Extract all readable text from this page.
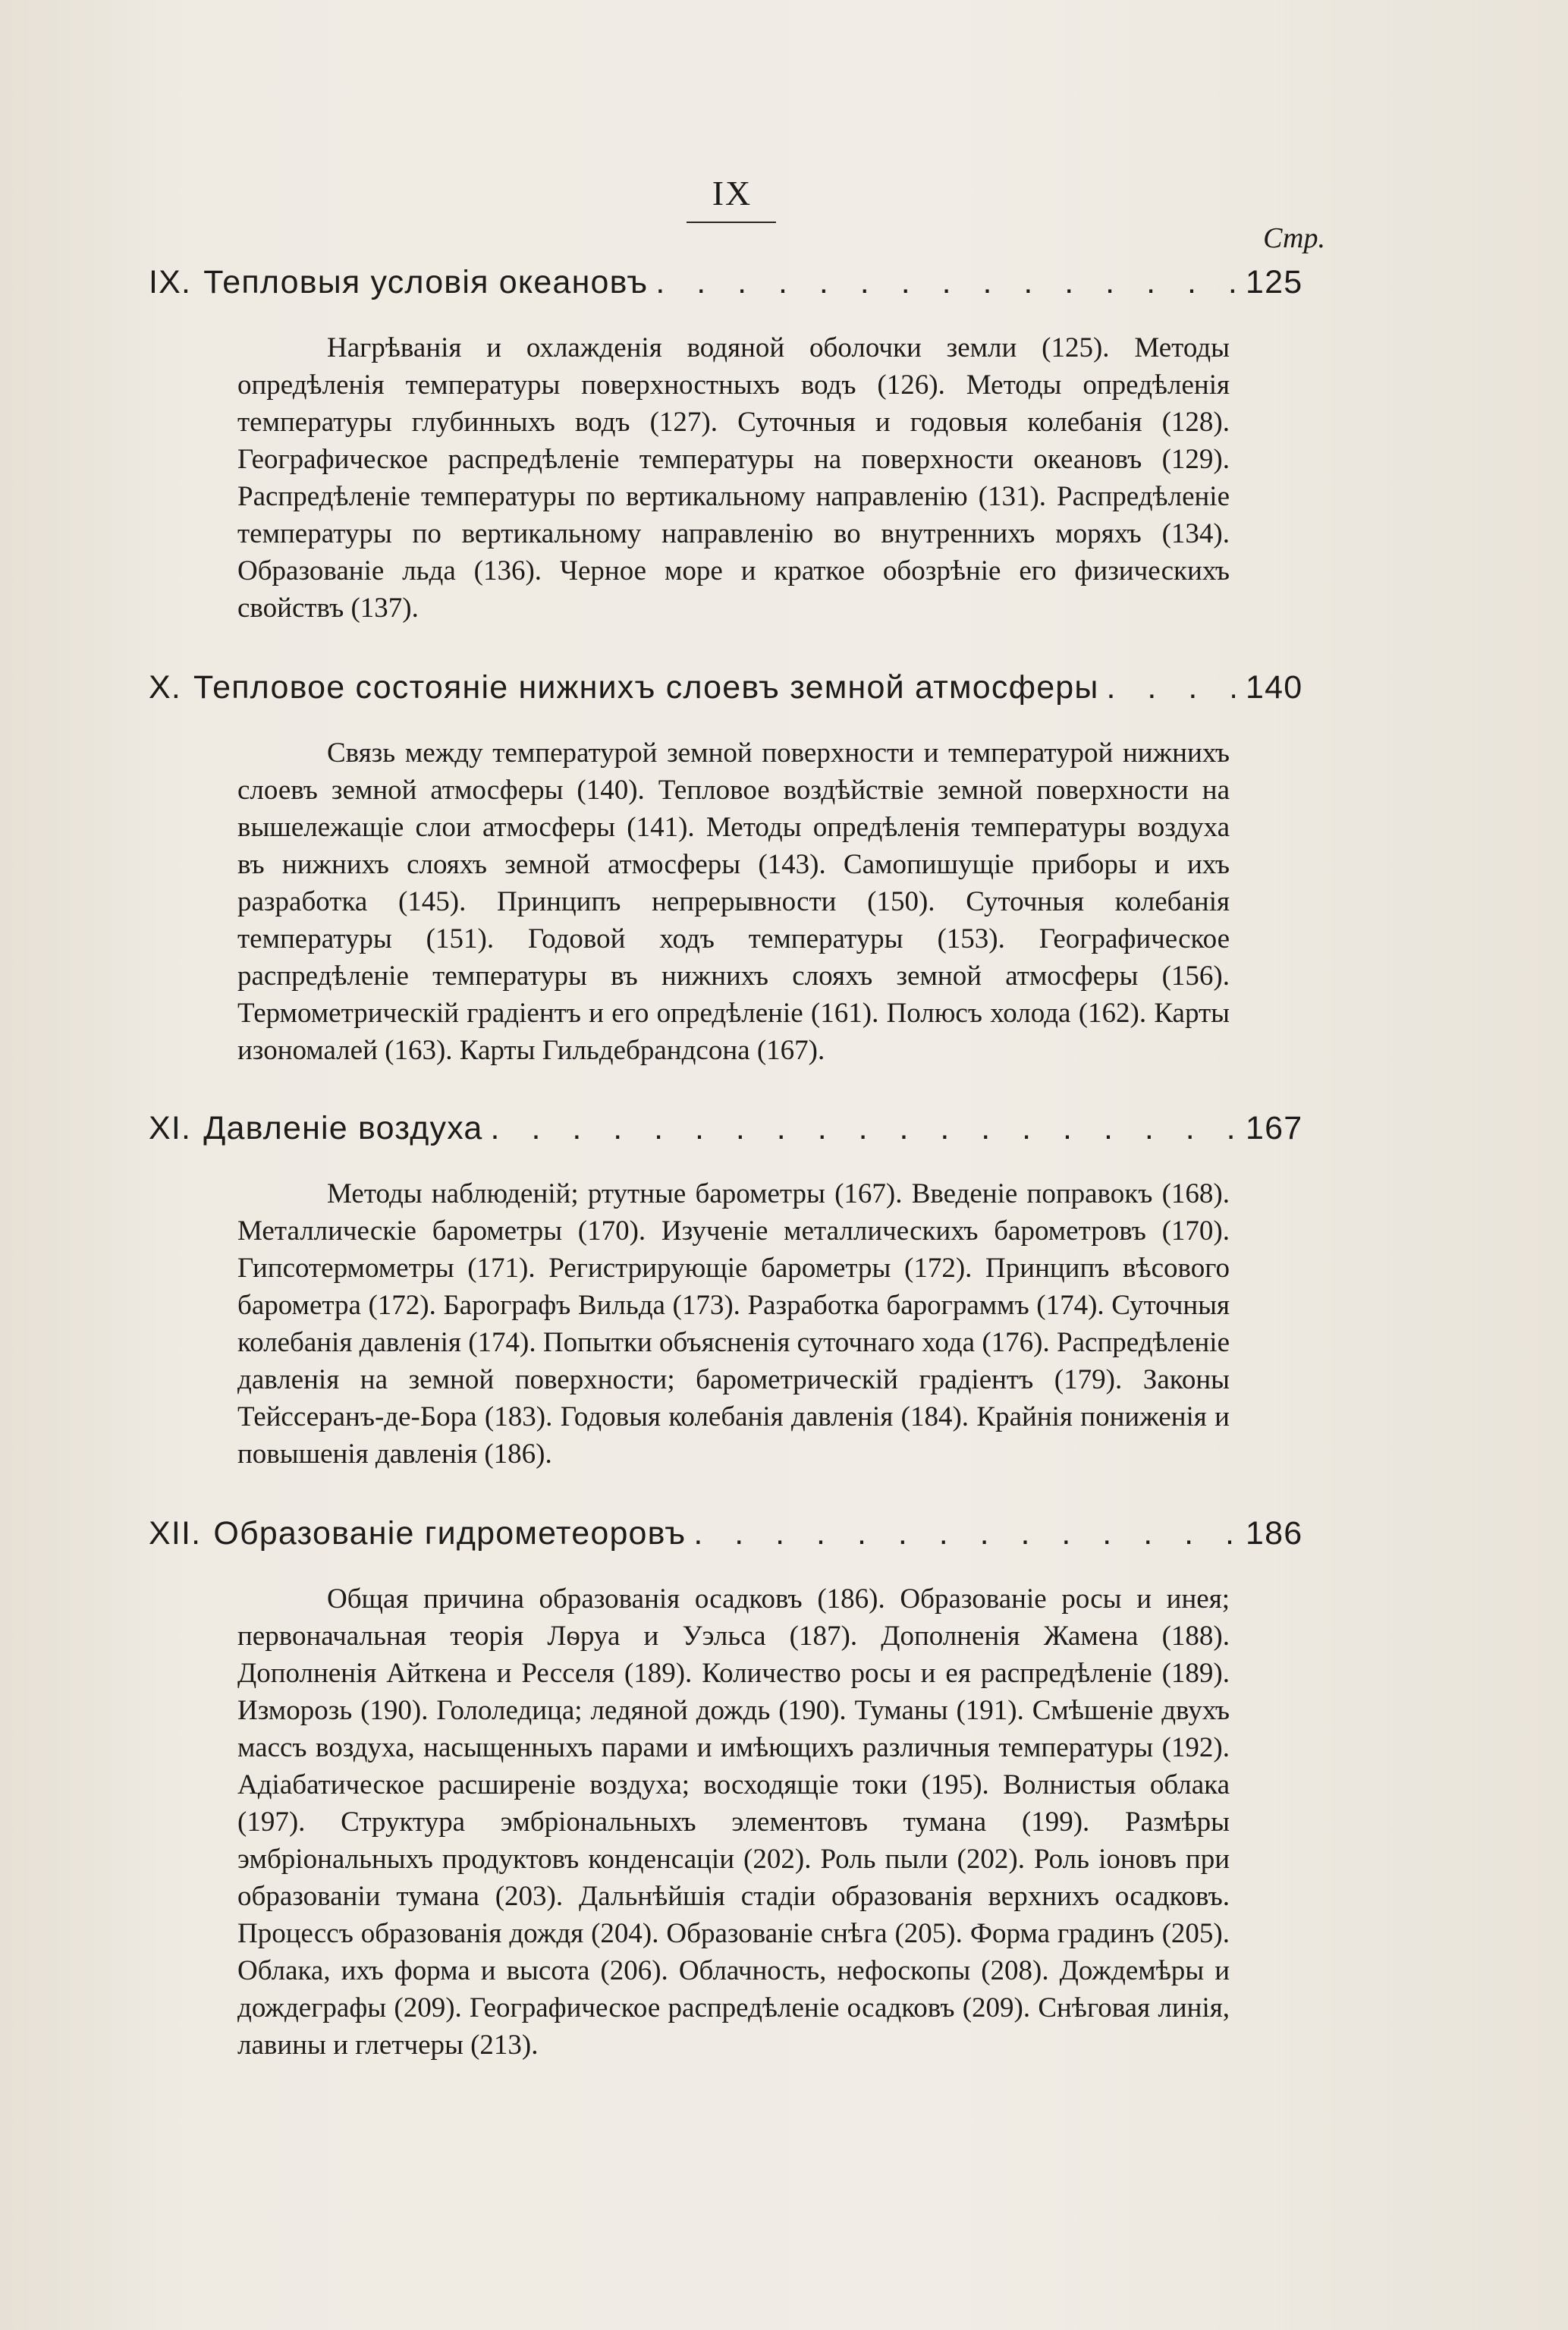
IX
Стр.
IX. Тепловыя условія океановъ . . .	125

Нагрѣванія и охлажденія водяной оболочки земли (125). Методы опредѣленія температуры поверхностныхъ водъ (126). Методы опредѣленія температуры глубинныхъ водъ (127). Суточныя и годовыя колебанія (128). Географическое распредѣленіе температуры на поверхности океановъ (129). Распредѣленіе температуры по вертикальному направленію (131). Распредѣленіе температуры по вертикальному направленію во внутреннихъ моряхъ (134). Образованіе льда (136). Черное море и краткое обозрѣніе его физическихъ свойствъ (137).

X. Тепловое состояніе нижнихъ слоевъ земной атмосферы . . .	140

Связь между температурой земной поверхности и температурой нижнихъ слоевъ земной атмосферы (140). Тепловое воздѣйствіе земной поверхности на вышележащіе слои атмосферы (141). Методы опредѣленія температуры воздуха въ нижнихъ слояхъ земной атмосферы (143). Самопишущіе приборы и ихъ разработка (145). Принципъ непрерывности (150). Суточныя колебанія температуры (151). Годовой ходъ температуры (153). Географическое распредѣленіе температуры въ нижнихъ слояхъ земной атмосферы (156). Термометрическій градіентъ и его опредѣленіе (161). Полюсъ холода (162). Карты изономалей (163). Карты Гильдебрандсона (167).

XI. Давленіе воздуха . . .	167

Методы наблюденій; ртутные барометры (167). Введеніе поправокъ (168). Металлическіе барометры (170). Изученіе металлическихъ барометровъ (170). Гипсотермометры (171). Регистрирующіе барометры (172). Принципъ вѣсового барометра (172). Барографъ Вильда (173). Разработка барограммъ (174). Суточныя колебанія давленія (174). Попытки объясненія суточнаго хода (176). Распредѣленіе давленія на земной поверхности; барометрическій градіентъ (179). Законы Тейссеранъ-де-Бора (183). Годовыя колебанія давленія (184). Крайнія пониженія и повышенія давленія (186).

XII. Образованіе гидрометеоровъ . . .	186

Общая причина образованія осадковъ (186). Образованіе росы и инея; первоначальная теорія Лѳруа и Уэльса (187). Дополненія Жамена (188). Дополненія Айткена и Ресселя (189). Количество росы и ея распредѣленіе (189). Изморозь (190). Гололедица; ледяной дождь (190). Туманы (191). Смѣшеніе двухъ массъ воздуха, насыщенныхъ парами и имѣющихъ различныя температуры (192). Адіабатическое расширеніе воздуха; восходящіе токи (195). Волнистыя облака (197). Структура эмбріональныхъ элементовъ тумана (199). Размѣры эмбріональныхъ продуктовъ конденсаціи (202). Роль пыли (202). Роль іоновъ при образованіи тумана (203). Дальнѣйшія стадіи образованія верхнихъ осадковъ. Процессъ образованія дождя (204). Образованіе снѣга (205). Форма градинъ (205). Облака, ихъ форма и высота (206). Облачность, нефоскопы (208). Дождемѣры и дождеграфы (209). Географическое распредѣленіе осадковъ (209). Снѣговая линія, лавины и глетчеры (213).
